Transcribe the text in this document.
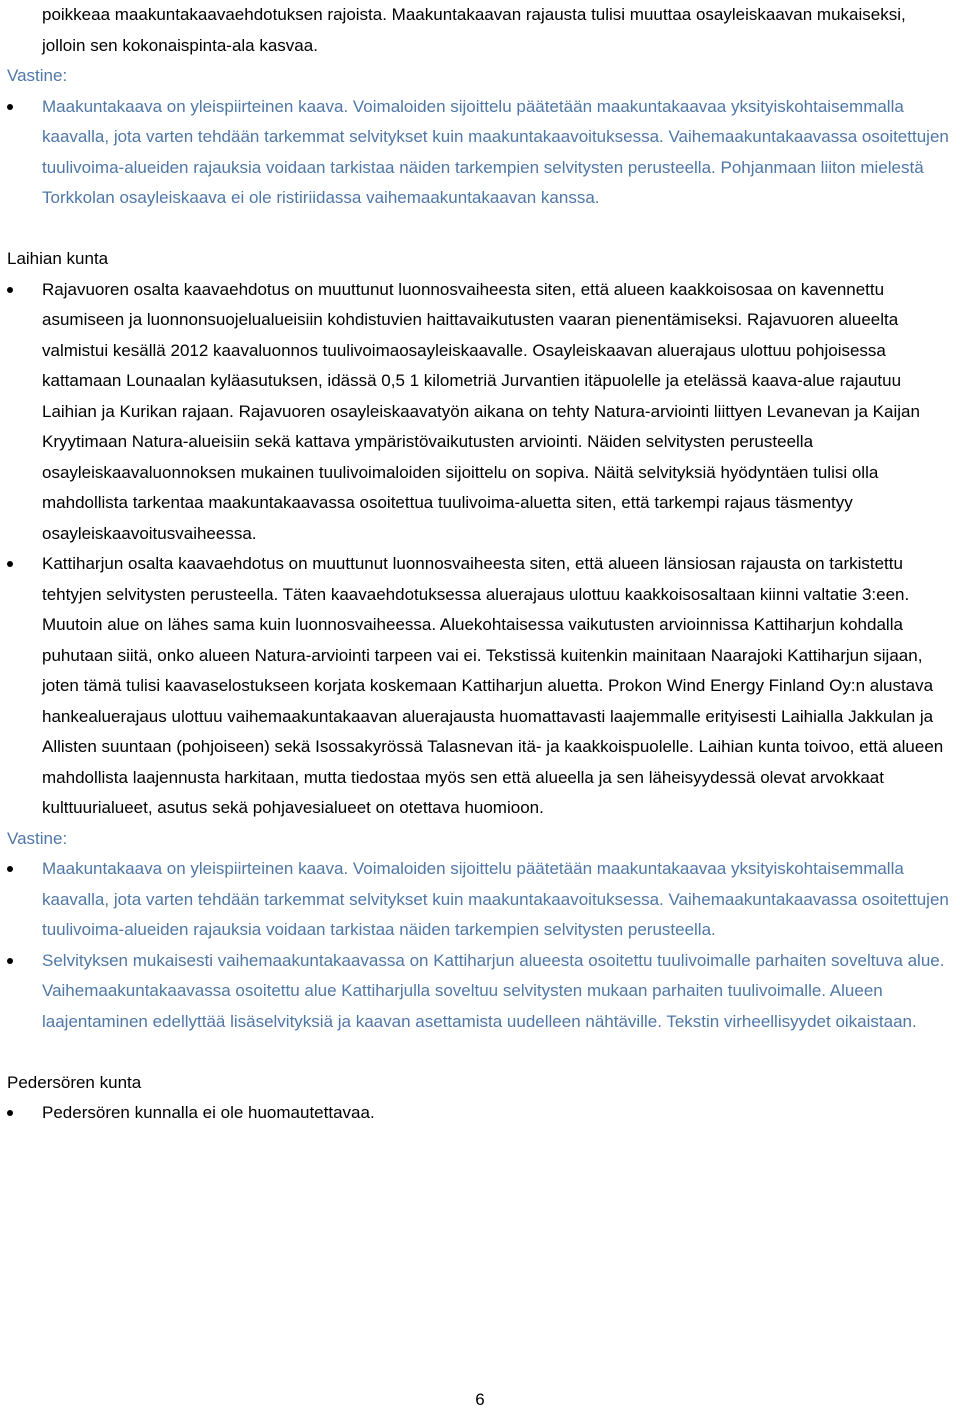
poikkeaa maakuntakaavaehdotuksen rajoista. Maakuntakaavan rajausta tulisi muuttaa osayleiskaavan mukaiseksi, jolloin sen kokonaispinta-ala kasvaa.

Vastine:

Maakuntakaava on yleispiirteinen kaava. Voimaloiden sijoittelu päätetään maakuntakaavaa yksityiskohtaisemmalla kaavalla, jota varten tehdään tarkemmat selvitykset kuin maakuntakaavoituksessa. Vaihemaakuntakaavassa osoitettujen tuulivoima-alueiden rajauksia voidaan tarkistaa näiden tarkempien selvitysten perusteella. Pohjanmaan liiton mielestä Torkkolan osayleiskaava ei ole ristiriidassa vaihemaakuntakaavan kanssa.

Laihian kunta

Rajavuoren osalta kaavaehdotus on muuttunut luonnosvaiheesta siten, että alueen kaakkoisosaa on kavennettu asumiseen ja luonnonsuojelualueisiin kohdistuvien haittavaikutusten vaaran pienentämiseksi. Rajavuoren alueelta valmistui kesällä 2012 kaavaluonnos tuulivoimaosayleiskaavalle. Osayleiskaavan aluerajaus ulottuu pohjoisessa kattamaan Lounaalan kyläasutuksen, idässä 0,5 1 kilometriä Jurvantien itäpuolelle ja etelässä kaava-alue rajautuu Laihian ja Kurikan rajaan. Rajavuoren osayleiskaavatyön aikana on tehty Natura-arviointi liittyen Levanevan ja Kaijan Kryytimaan Natura-alueisiin sekä kattava ympäristövaikutusten arviointi. Näiden selvitysten perusteella osayleiskaavaluonnoksen mukainen tuulivoimaloiden sijoittelu on sopiva. Näitä selvityksiä hyödyntäen tulisi olla mahdollista tarkentaa maakuntakaavassa osoitettua tuulivoima-aluetta siten, että tarkempi rajaus täsmentyy osayleiskaavoitusvaiheessa.
Kattiharjun osalta kaavaehdotus on muuttunut luonnosvaiheesta siten, että alueen länsiosan rajausta on tarkistettu tehtyjen selvitysten perusteella. Täten kaavaehdotuksessa aluerajaus ulottuu kaakkoisosaltaan kiinni valtatie 3:een. Muutoin alue on lähes sama kuin luonnosvaiheessa. Aluekohtaisessa vaikutusten arvioinnissa Kattiharjun kohdalla puhutaan siitä, onko alueen Natura-arviointi tarpeen vai ei. Tekstissä kuitenkin mainitaan Naarajoki Kattiharjun sijaan, joten tämä tulisi kaavaselostukseen korjata koskemaan Kattiharjun aluetta. Prokon Wind Energy Finland Oy:n alustava hankealuerajaus ulottuu vaihemaakuntakaavan aluerajausta huomattavasti laajemmalle erityisesti Laihialla Jakkulan ja Allisten suuntaan (pohjoiseen) sekä Isossakyrössä Talasnevan itä- ja kaakkoispuolelle. Laihian kunta toivoo, että alueen mahdollista laajennusta harkitaan, mutta tiedostaa myös sen että alueella ja sen läheisyydessä olevat arvokkaat kulttuurialueet, asutus sekä pohjavesialueet on otettava huomioon.

Vastine:

Maakuntakaava on yleispiirteinen kaava. Voimaloiden sijoittelu päätetään maakuntakaavaa yksityiskohtaisemmalla kaavalla, jota varten tehdään tarkemmat selvitykset kuin maakuntakaavoituksessa. Vaihemaakuntakaavassa osoitettujen tuulivoima-alueiden rajauksia voidaan tarkistaa näiden tarkempien selvitysten perusteella.
Selvityksen mukaisesti vaihemaakuntakaavassa on Kattiharjun alueesta osoitettu tuulivoimalle parhaiten soveltuva alue. Vaihemaakuntakaavassa osoitettu alue Kattiharjulla soveltuu selvitysten mukaan parhaiten tuulivoimalle. Alueen laajentaminen edellyttää lisäselvityksiä ja kaavan asettamista uudelleen nähtäville. Tekstin virheellisyydet oikaistaan.

Pedersören kunta

Pedersören kunnalla ei ole huomautettavaa.
6
